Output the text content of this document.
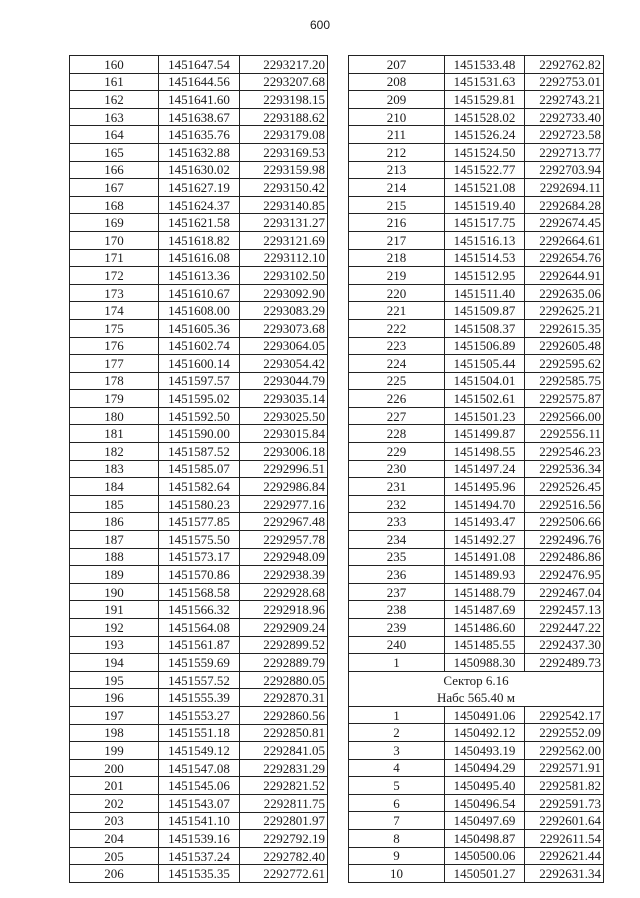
600
160	1451647.54	2293217.20
161	1451644.56	2293207.68
162	1451641.60	2293198.15
163	1451638.67	2293188.62
164	1451635.76	2293179.08
165	1451632.88	2293169.53
166	1451630.02	2293159.98
167	1451627.19	2293150.42
168	1451624.37	2293140.85
169	1451621.58	2293131.27
170	1451618.82	2293121.69
171	1451616.08	2293112.10
172	1451613.36	2293102.50
173	1451610.67	2293092.90
174	1451608.00	2293083.29
175	1451605.36	2293073.68
176	1451602.74	2293064.05
177	1451600.14	2293054.42
178	1451597.57	2293044.79
179	1451595.02	2293035.14
180	1451592.50	2293025.50
181	1451590.00	2293015.84
182	1451587.52	2293006.18
183	1451585.07	2292996.51
184	1451582.64	2292986.84
185	1451580.23	2292977.16
186	1451577.85	2292967.48
187	1451575.50	2292957.78
188	1451573.17	2292948.09
189	1451570.86	2292938.39
190	1451568.58	2292928.68
191	1451566.32	2292918.96
192	1451564.08	2292909.24
193	1451561.87	2292899.52
194	1451559.69	2292889.79
195	1451557.52	2292880.05
196	1451555.39	2292870.31
197	1451553.27	2292860.56
198	1451551.18	2292850.81
199	1451549.12	2292841.05
200	1451547.08	2292831.29
201	1451545.06	2292821.52
202	1451543.07	2292811.75
203	1451541.10	2292801.97
204	1451539.16	2292792.19
205	1451537.24	2292782.40
206	1451535.35	2292772.61
207	1451533.48	2292762.82
208	1451531.63	2292753.01
209	1451529.81	2292743.21
210	1451528.02	2292733.40
211	1451526.24	2292723.58
212	1451524.50	2292713.77
213	1451522.77	2292703.94
214	1451521.08	2292694.11
215	1451519.40	2292684.28
216	1451517.75	2292674.45
217	1451516.13	2292664.61
218	1451514.53	2292654.76
219	1451512.95	2292644.91
220	1451511.40	2292635.06
221	1451509.87	2292625.21
222	1451508.37	2292615.35
223	1451506.89	2292605.48
224	1451505.44	2292595.62
225	1451504.01	2292585.75
226	1451502.61	2292575.87
227	1451501.23	2292566.00
228	1451499.87	2292556.11
229	1451498.55	2292546.23
230	1451497.24	2292536.34
231	1451495.96	2292526.45
232	1451494.70	2292516.56
233	1451493.47	2292506.66
234	1451492.27	2292496.76
235	1451491.08	2292486.86
236	1451489.93	2292476.95
237	1451488.79	2292467.04
238	1451487.69	2292457.13
239	1451486.60	2292447.22
240	1451485.55	2292437.30
1	1450988.30	2292489.73

Сектор 6.16
Набс 565.40 м		

1	1450491.06	2292542.17
2	1450492.12	2292552.09
3	1450493.19	2292562.00
4	1450494.29	2292571.91
5	1450495.40	2292581.82
6	1450496.54	2292591.73
7	1450497.69	2292601.64
8	1450498.87	2292611.54
9	1450500.06	2292621.44
10	1450501.27	2292631.34
